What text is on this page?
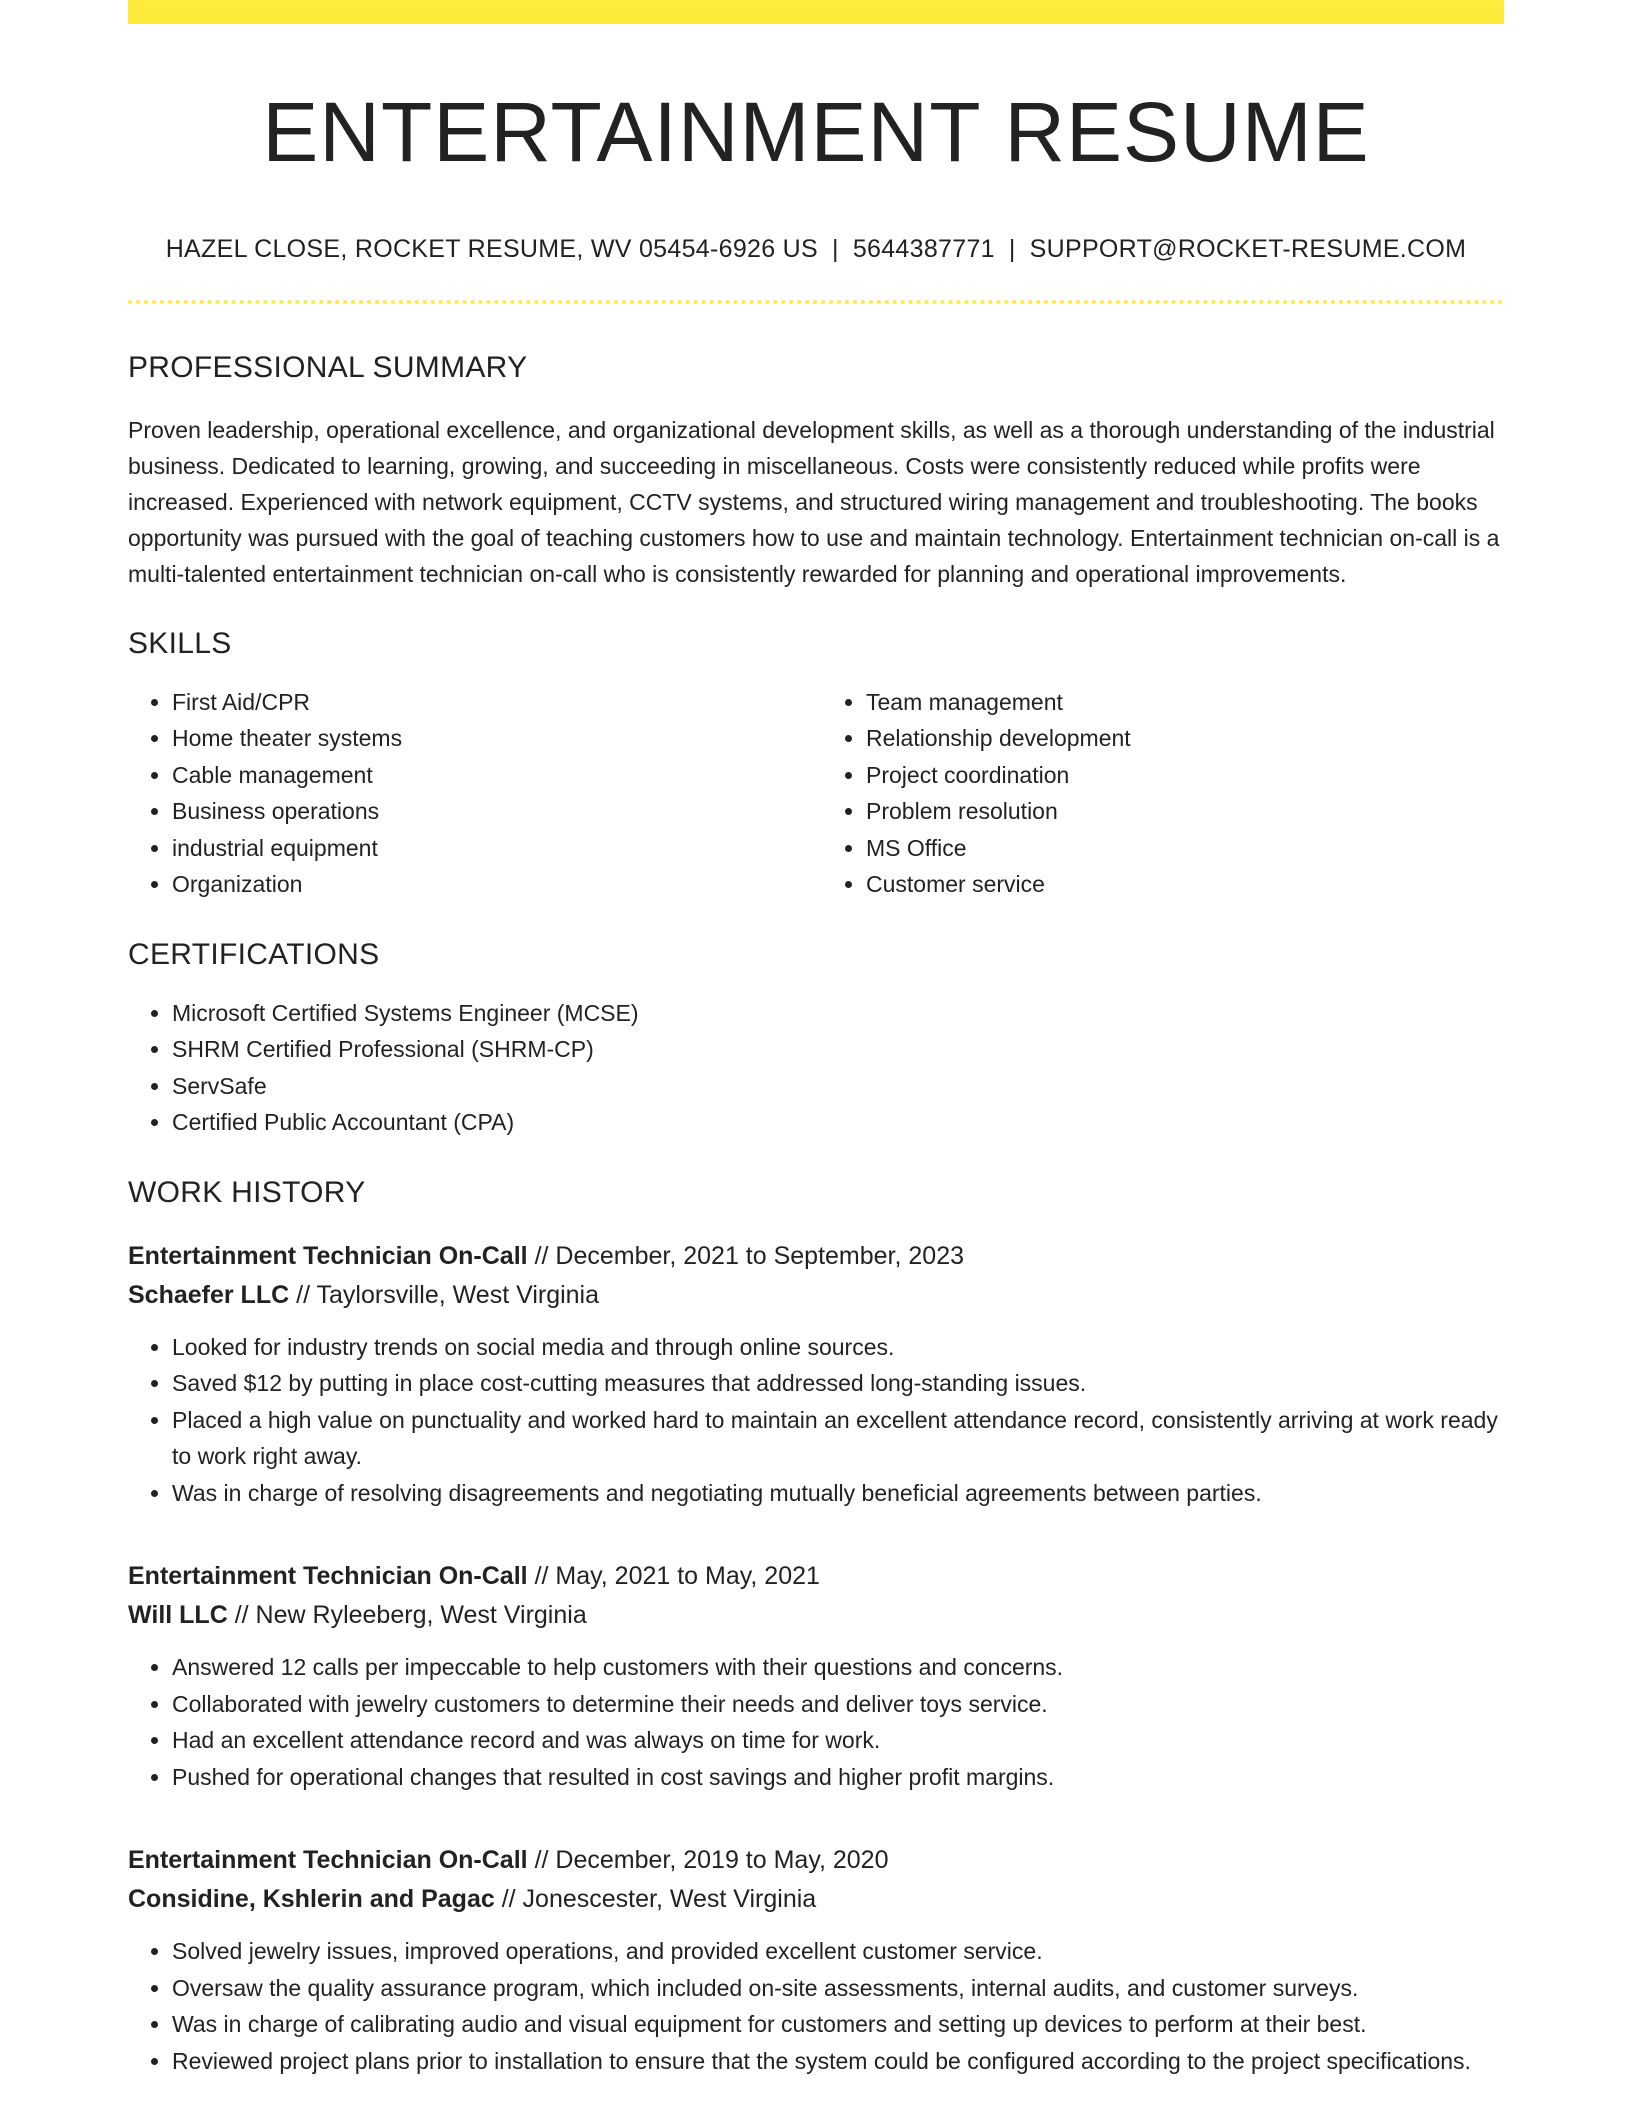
ENTERTAINMENT RESUME
HAZEL CLOSE, ROCKET RESUME, WV 05454-6926 US | 5644387771 | SUPPORT@ROCKET-RESUME.COM
PROFESSIONAL SUMMARY

Proven leadership, operational excellence, and organizational development skills, as well as a thorough understanding of the industrial business. Dedicated to learning, growing, and succeeding in miscellaneous. Costs were consistently reduced while profits were increased. Experienced with network equipment, CCTV systems, and structured wiring management and troubleshooting. The books opportunity was pursued with the goal of teaching customers how to use and maintain technology. Entertainment technician on-call is a multi-talented entertainment technician on-call who is consistently rewarded for planning and operational improvements.

SKILLS
• First Aid/CPR
• Home theater systems
• Cable management
• Business operations
• industrial equipment
• Organization
• Team management
• Relationship development
• Project coordination
• Problem resolution
• MS Office
• Customer service
CERTIFICATIONS
• Microsoft Certified Systems Engineer (MCSE)
• SHRM Certified Professional (SHRM-CP)
• ServSafe
• Certified Public Accountant (CPA)
WORK HISTORY
Entertainment Technician On-Call // December, 2021 to September, 2023
Schaefer LLC // Taylorsville, West Virginia
• Looked for industry trends on social media and through online sources.
• Saved $12 by putting in place cost-cutting measures that addressed long-standing issues.
• Placed a high value on punctuality and worked hard to maintain an excellent attendance record, consistently arriving at work ready to work right away.
• Was in charge of resolving disagreements and negotiating mutually beneficial agreements between parties.
Entertainment Technician On-Call // May, 2021 to May, 2021
Will LLC // New Ryleeberg, West Virginia
• Answered 12 calls per impeccable to help customers with their questions and concerns.
• Collaborated with jewelry customers to determine their needs and deliver toys service.
• Had an excellent attendance record and was always on time for work.
• Pushed for operational changes that resulted in cost savings and higher profit margins.
Entertainment Technician On-Call // December, 2019 to May, 2020
Considine, Kshlerin and Pagac // Jonescester, West Virginia
• Solved jewelry issues, improved operations, and provided excellent customer service.
• Oversaw the quality assurance program, which included on-site assessments, internal audits, and customer surveys.
• Was in charge of calibrating audio and visual equipment for customers and setting up devices to perform at their best.
• Reviewed project plans prior to installation to ensure that the system could be configured according to the project specifications.
